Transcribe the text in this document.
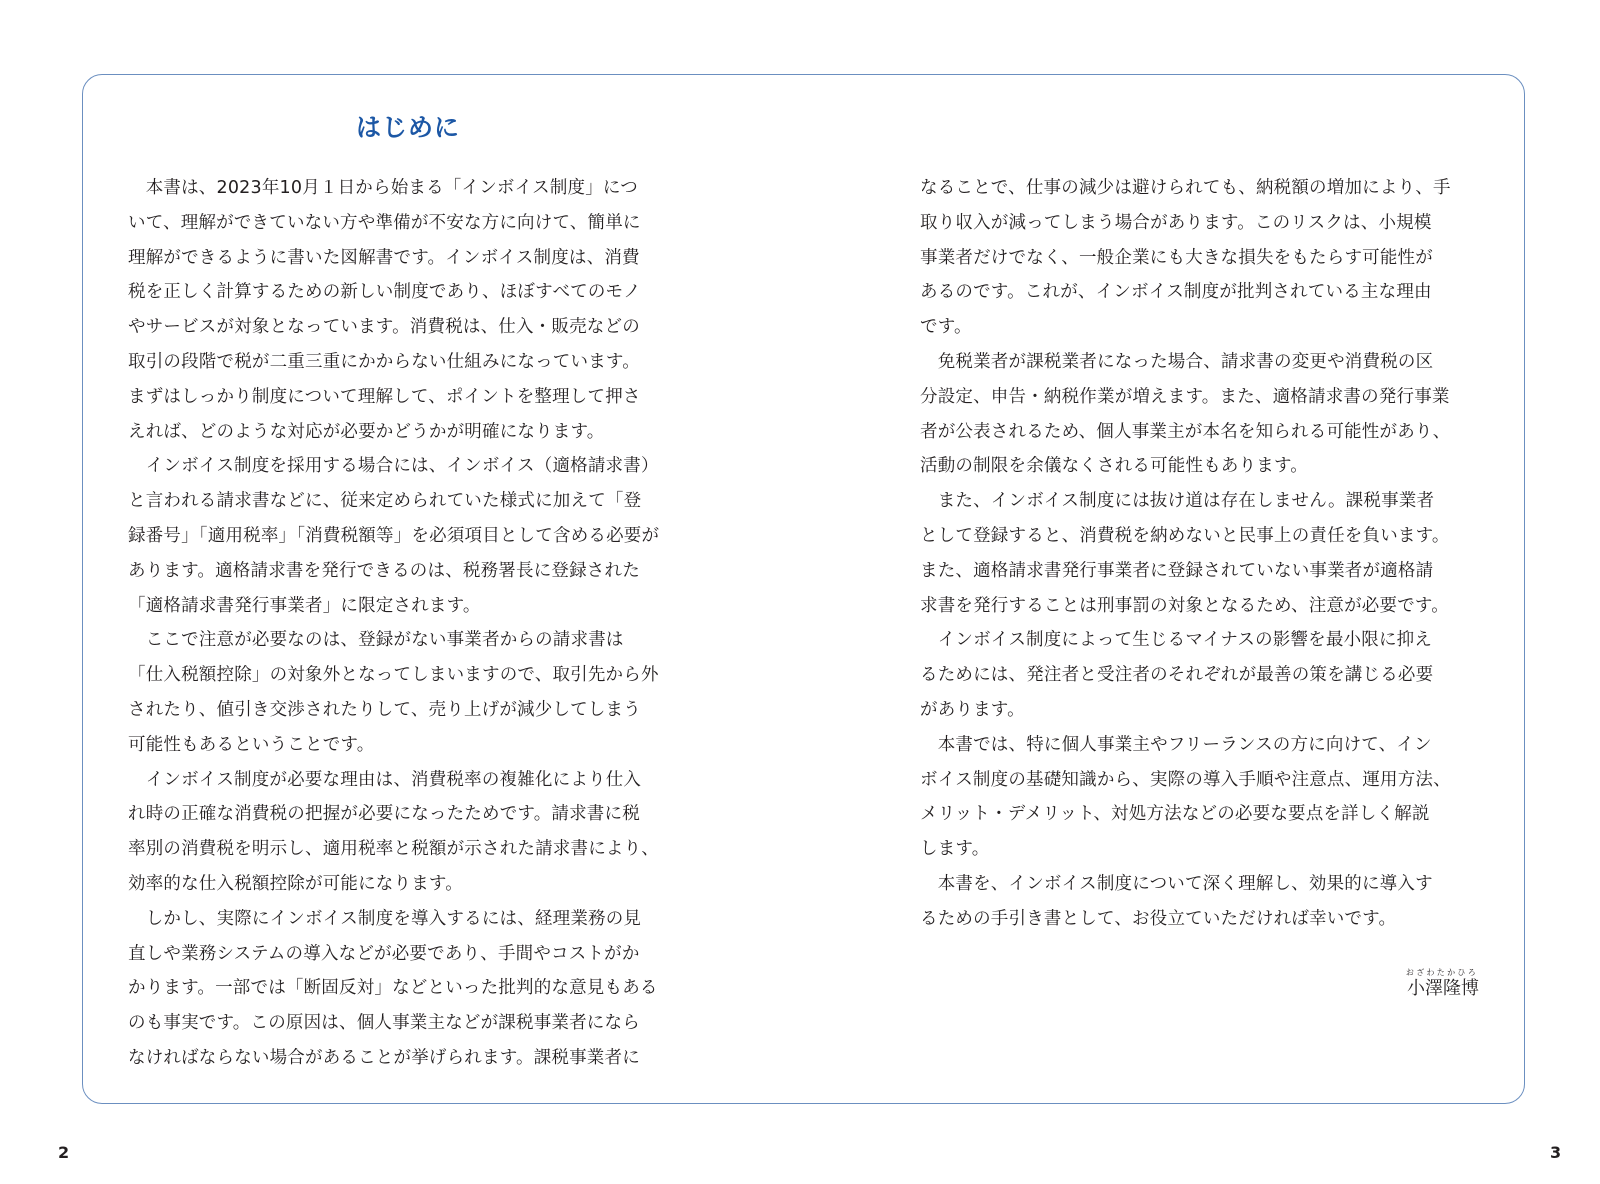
はじめに
　本書は、2023年10月１日から始まる「インボイス制度」につ
いて、理解ができていない方や準備が不安な方に向けて、簡単に
理解ができるように書いた図解書です。インボイス制度は、消費
税を正しく計算するための新しい制度であり、ほぼすべてのモノ
やサービスが対象となっています。消費税は、仕入・販売などの
取引の段階で税が二重三重にかからない仕組みになっています。
まずはしっかり制度について理解して、ポイントを整理して押さ
えれば、どのような対応が必要かどうかが明確になります。
　インボイス制度を採用する場合には、インボイス（適格請求書）
と言われる請求書などに、従来定められていた様式に加えて「登
録番号」「適用税率」「消費税額等」を必須項目として含める必要が
あります。適格請求書を発行できるのは、税務署長に登録された
「適格請求書発行事業者」に限定されます。
　ここで注意が必要なのは、登録がない事業者からの請求書は
「仕入税額控除」の対象外となってしまいますので、取引先から外
されたり、値引き交渉されたりして、売り上げが減少してしまう
可能性もあるということです。
　インボイス制度が必要な理由は、消費税率の複雑化により仕入
れ時の正確な消費税の把握が必要になったためです。請求書に税
率別の消費税を明示し、適用税率と税額が示された請求書により、
効率的な仕入税額控除が可能になります。
　しかし、実際にインボイス制度を導入するには、経理業務の見
直しや業務システムの導入などが必要であり、手間やコストがか
かります。一部では「断固反対」などといった批判的な意見もある
のも事実です。この原因は、個人事業主などが課税事業者になら
なければならない場合があることが挙げられます。課税事業者に
なることで、仕事の減少は避けられても、納税額の増加により、手
取り収入が減ってしまう場合があります。このリスクは、小規模
事業者だけでなく、一般企業にも大きな損失をもたらす可能性が
あるのです。これが、インボイス制度が批判されている主な理由
です。
　免税業者が課税業者になった場合、請求書の変更や消費税の区
分設定、申告・納税作業が増えます。また、適格請求書の発行事業
者が公表されるため、個人事業主が本名を知られる可能性があり、
活動の制限を余儀なくされる可能性もあります。
　また、インボイス制度には抜け道は存在しません。課税事業者
として登録すると、消費税を納めないと民事上の責任を負います。
また、適格請求書発行事業者に登録されていない事業者が適格請
求書を発行することは刑事罰の対象となるため、注意が必要です。
　インボイス制度によって生じるマイナスの影響を最小限に抑え
るためには、発注者と受注者のそれぞれが最善の策を講じる必要
があります。
　本書では、特に個人事業主やフリーランスの方に向けて、イン
ボイス制度の基礎知識から、実際の導入手順や注意点、運用方法、
メリット・デメリット、対処方法などの必要な要点を詳しく解説
します。
　本書を、インボイス制度について深く理解し、効果的に導入す
るための手引き書として、お役立ていただければ幸いです。
おざわたかひろ
小澤隆博
2	3
